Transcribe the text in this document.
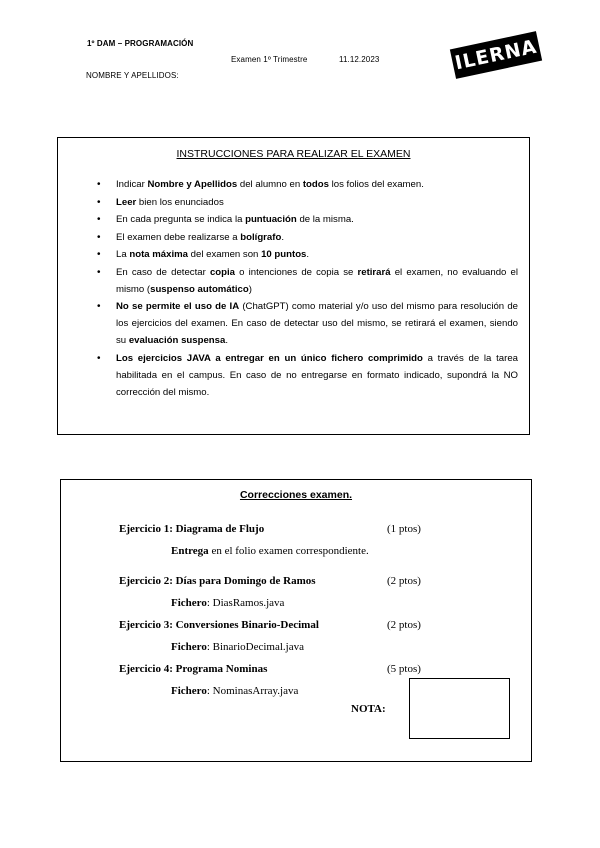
1º DAM – PROGRAMACIÓN
Examen 1º Trimestre	11.12.2023
NOMBRE Y APELLIDOS:
ILERNA
INSTRUCCIONES PARA REALIZAR EL EXAMEN
• Indicar Nombre y Apellidos del alumno en todos los folios del examen.
• Leer bien los enunciados
• En cada pregunta se indica la puntuación de la misma.
• El examen debe realizarse a bolígrafo.
• La nota máxima del examen son 10 puntos.
• En caso de detectar copia o intenciones de copia se retirará el examen, no evaluando el mismo (suspenso automático)
• No se permite el uso de IA (ChatGPT) como material y/o uso del mismo para resolución de los ejercicios del examen. En caso de detectar uso del mismo, se retirará el examen, siendo su evaluación suspensa.
• Los ejercicios JAVA a entregar en un único fichero comprimido a través de la tarea habilitada en el campus. En caso de no entregarse en formato indicado, supondrá la NO corrección del mismo.
Correcciones examen.
Ejercicio 1: Diagrama de Flujo	(1 ptos)
Entrega en el folio examen correspondiente.
Ejercicio 2: Días para Domingo de Ramos	(2 ptos)
Fichero: DiasRamos.java
Ejercicio 3: Conversiones Binario-Decimal	(2 ptos)
Fichero: BinarioDecimal.java
Ejercicio 4: Programa Nominas	(5 ptos)
Fichero: NominasArray.java
NOTA:
